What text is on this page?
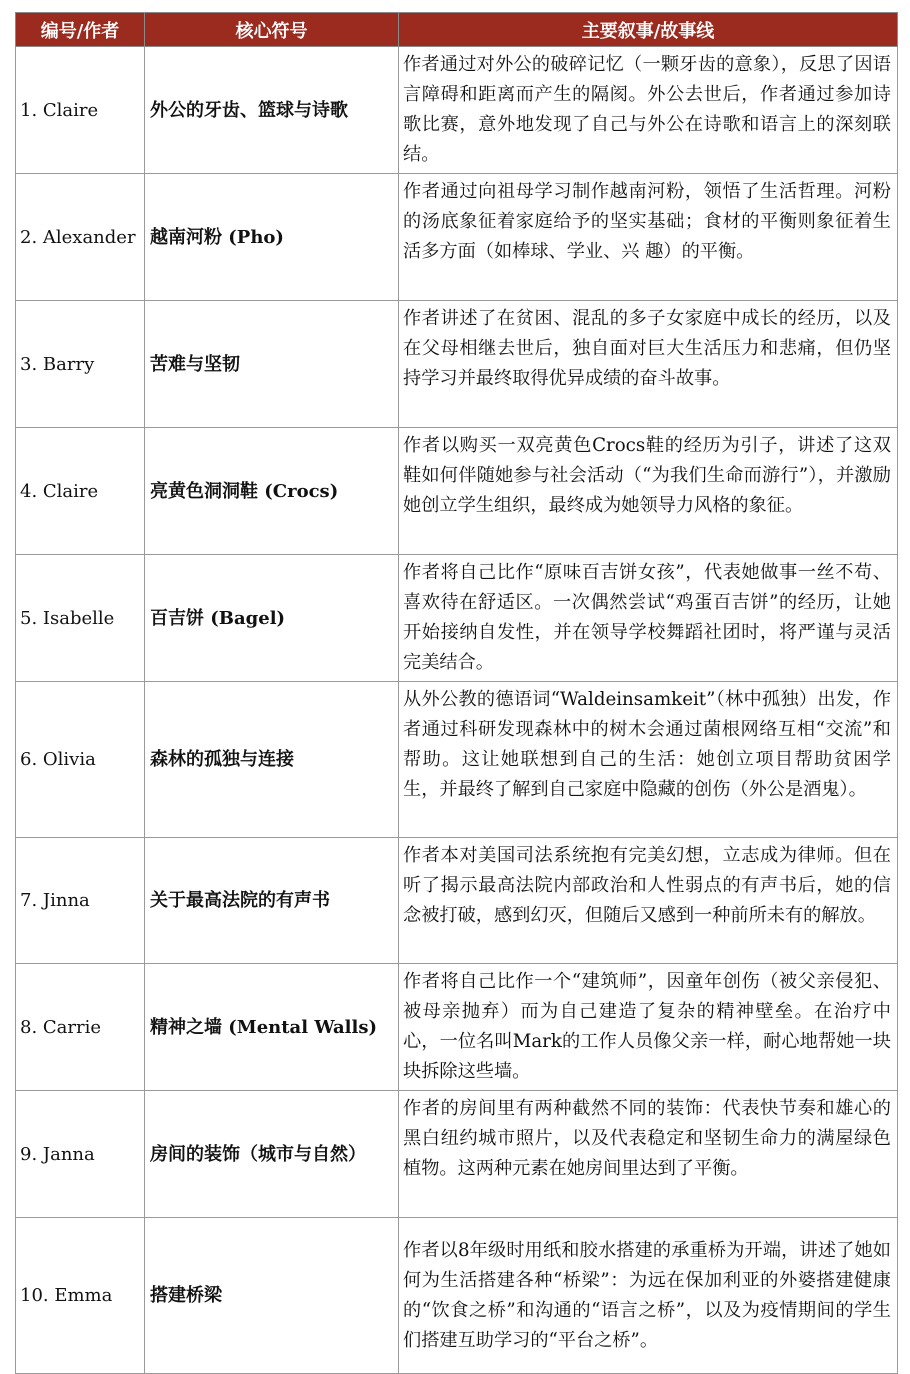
编号/作者	核心符号	主要叙事/故事线
1. Claire	外公的牙齿、篮球与诗歌	作者通过对外公的破碎记忆（一颗牙齿的意象），反思了因语言障碍和距离而产生的隔阂。外公去世后，作者通过参加诗歌比赛，意外地发现了自己与外公在诗歌和语言上的深刻联结。
2. Alexander	越南河粉 (Pho)	作者通过向祖母学习制作越南河粉，领悟了生活哲理。河粉的汤底象征着家庭给予的坚实基础；食材的平衡则象征着生活多方面（如棒球、学业、兴 趣）的平衡。
3. Barry	苦难与坚韧	作者讲述了在贫困、混乱的多子女家庭中成长的经历，以及在父母相继去世后，独自面对巨大生活压力和悲痛，但仍坚持学习并最终取得优异成绩的奋斗故事。
4. Claire	亮黄色洞洞鞋 (Crocs)	作者以购买一双亮黄色Crocs鞋的经历为引子，讲述了这双鞋如何伴随她参与社会活动（“为我们生命而游行”），并激励她创立学生组织，最终成为她领导力风格的象征。
5. Isabelle	百吉饼 (Bagel)	作者将自己比作“原味百吉饼女孩”，代表她做事一丝不苟、喜欢待在舒适区。一次偶然尝试“鸡蛋百吉饼”的经历，让她开始接纳自发性，并在领导学校舞蹈社团时，将严谨与灵活完美结合。
6. Olivia	森林的孤独与连接	从外公教的德语词“Waldeinsamkeit”（林中孤独）出发，作者通过科研发现森林中的树木会通过菌根网络互相“交流”和帮助。这让她联想到自己的生活：她创立项目帮助贫困学生，并最终了解到自己家庭中隐藏的创伤（外公是酒鬼）。
7. Jinna	关于最高法院的有声书	作者本对美国司法系统抱有完美幻想，立志成为律师。但在听了揭示最高法院内部政治和人性弱点的有声书后，她的信念被打破，感到幻灭，但随后又感到一种前所未有的解放。
8. Carrie	精神之墙 (Mental Walls)	作者将自己比作一个“建筑师”，因童年创伤（被父亲侵犯、被母亲抛弃）而为自己建造了复杂的精神壁垒。在治疗中心，一位名叫Mark的工作人员像父亲一样，耐心地帮她一块块拆除这些墙。
9. Janna	房间的装饰（城市与自然）	作者的房间里有两种截然不同的装饰：代表快节奏和雄心的黑白纽约城市照片，以及代表稳定和坚韧生命力的满屋绿色植物。这两种元素在她房间里达到了平衡。
10. Emma	搭建桥梁	作者以8年级时用纸和胶水搭建的承重桥为开端，讲述了她如何为生活搭建各种“桥梁”：为远在保加利亚的外婆搭建健康的“饮食之桥”和沟通的“语言之桥”，以及为疫情期间的学生们搭建互助学习的“平台之桥”。
